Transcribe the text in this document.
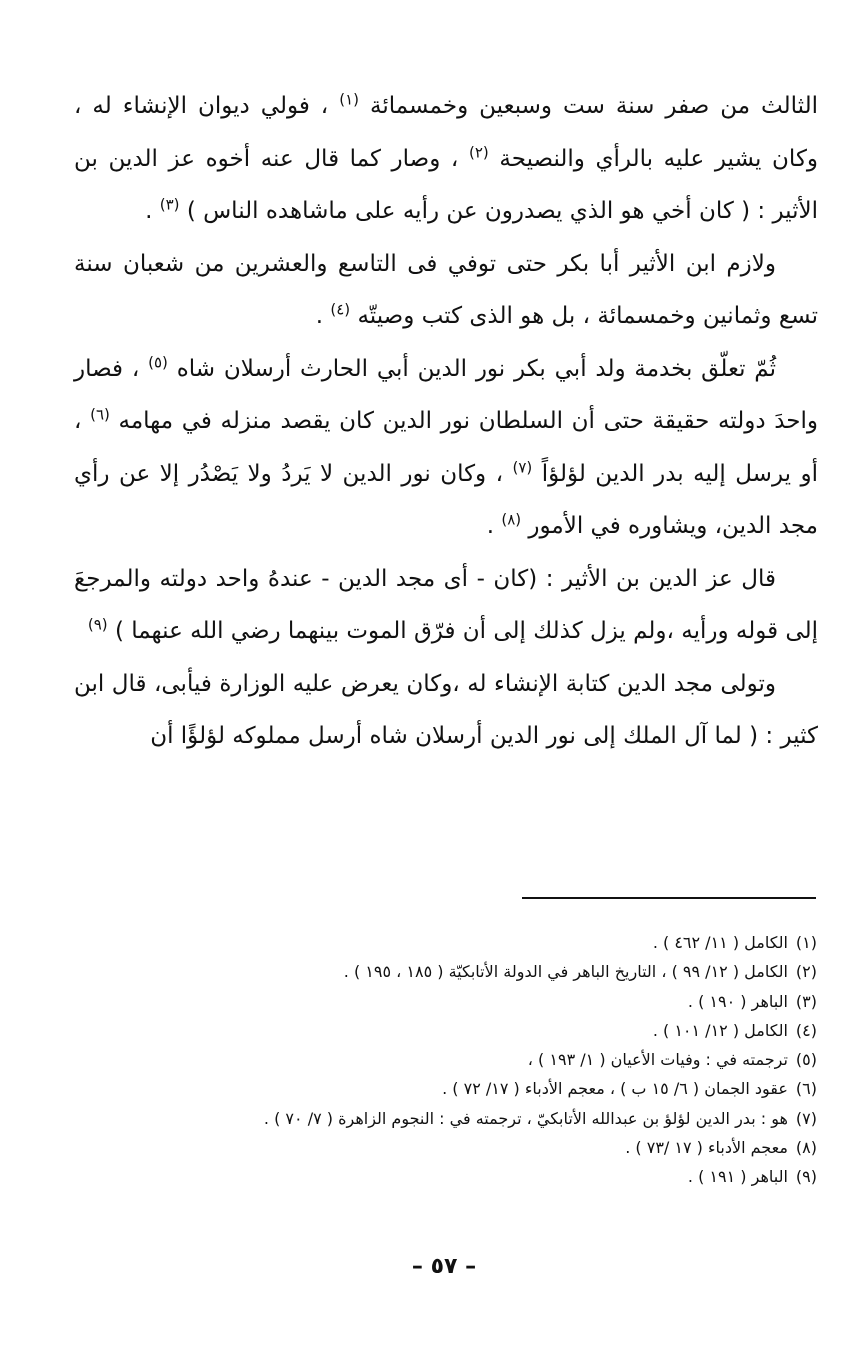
الثالث من صفر سنة ست وسبعين وخمسمائة $^{(١)}$ ، فولي ديوان الإنشاء له ، وكان يشير عليه بالرأي والنصيحة $^{(٢)}$ ، وصار كما قال عنه أخوه عز الدين بن الأثير : ( كان أخي هو الذي يصدرون عن رأيه على ماشاهده الناس ) $^{(٣)}$ .

ولازم ابن الأثير أبا بكر حتى توفي فى التاسع والعشرين من شعبان سنة تسع وثمانين وخمسمائة ، بل هو الذى كتب وصيتّه $^{(٤)}$ .

ثُمّ تعلّق بخدمة ولد أبي بكر نور الدين أبي الحارث أرسلان شاه $^{(٥)}$ ، فصار واحدَ دولته حقيقة حتى أن السلطان نور الدين كان يقصد منزله في مهامه $^{(٦)}$ ، أو يرسل إليه بدر الدين لؤلؤاً $^{(٧)}$ ، وكان نور الدين لا يَردُ ولا يَصْدُر إلا عن رأي مجد الدين، ويشاوره في الأمور $^{(٨)}$ .

قال عز الدين بن الأثير : (كان - أى مجد الدين - عندهُ واحد دولته والمرجعَ إلى قوله ورأيه ،ولم يزل كذلك إلى أن فرّق الموت بينهما رضي الله عنهما ) $^{(٩)}$

وتولى مجد الدين كتابة الإنشاء له ،وكان يعرض عليه الوزارة فيأبى، قال ابن كثير : ( لما آل الملك إلى نور الدين أرسلان شاه أرسل مملوكه لؤلؤًا أن

(١)الكامل ( ١١/ ٤٦٢ ) .
(٢)الكامل ( ١٢/ ٩٩ ) ، التاريخ الباهر في الدولة الأتابكيّة ( ١٨٥ ، ١٩٥ ) .
(٣)الباهر ( ١٩٠ ) .
(٤)الكامل ( ١٢/ ١٠١ ) .
(٥)ترجمته في : وفيات الأعيان ( ١/ ١٩٣ ) ،
(٦)عقود الجمان ( ٦/ ١٥ ب ) ، معجم الأدباء ( ١٧/ ٧٢ ) .
(٧)هو : بدر الدين لؤلؤ بن عبدالله الأتابكيّ ، ترجمته في : النجوم الزاهرة ( ٧/ ٧٠ ) .
(٨)معجم الأدباء ( ١٧ /٧٣ ) .
(٩)الباهر ( ١٩١ ) .
– ٥٧ –
